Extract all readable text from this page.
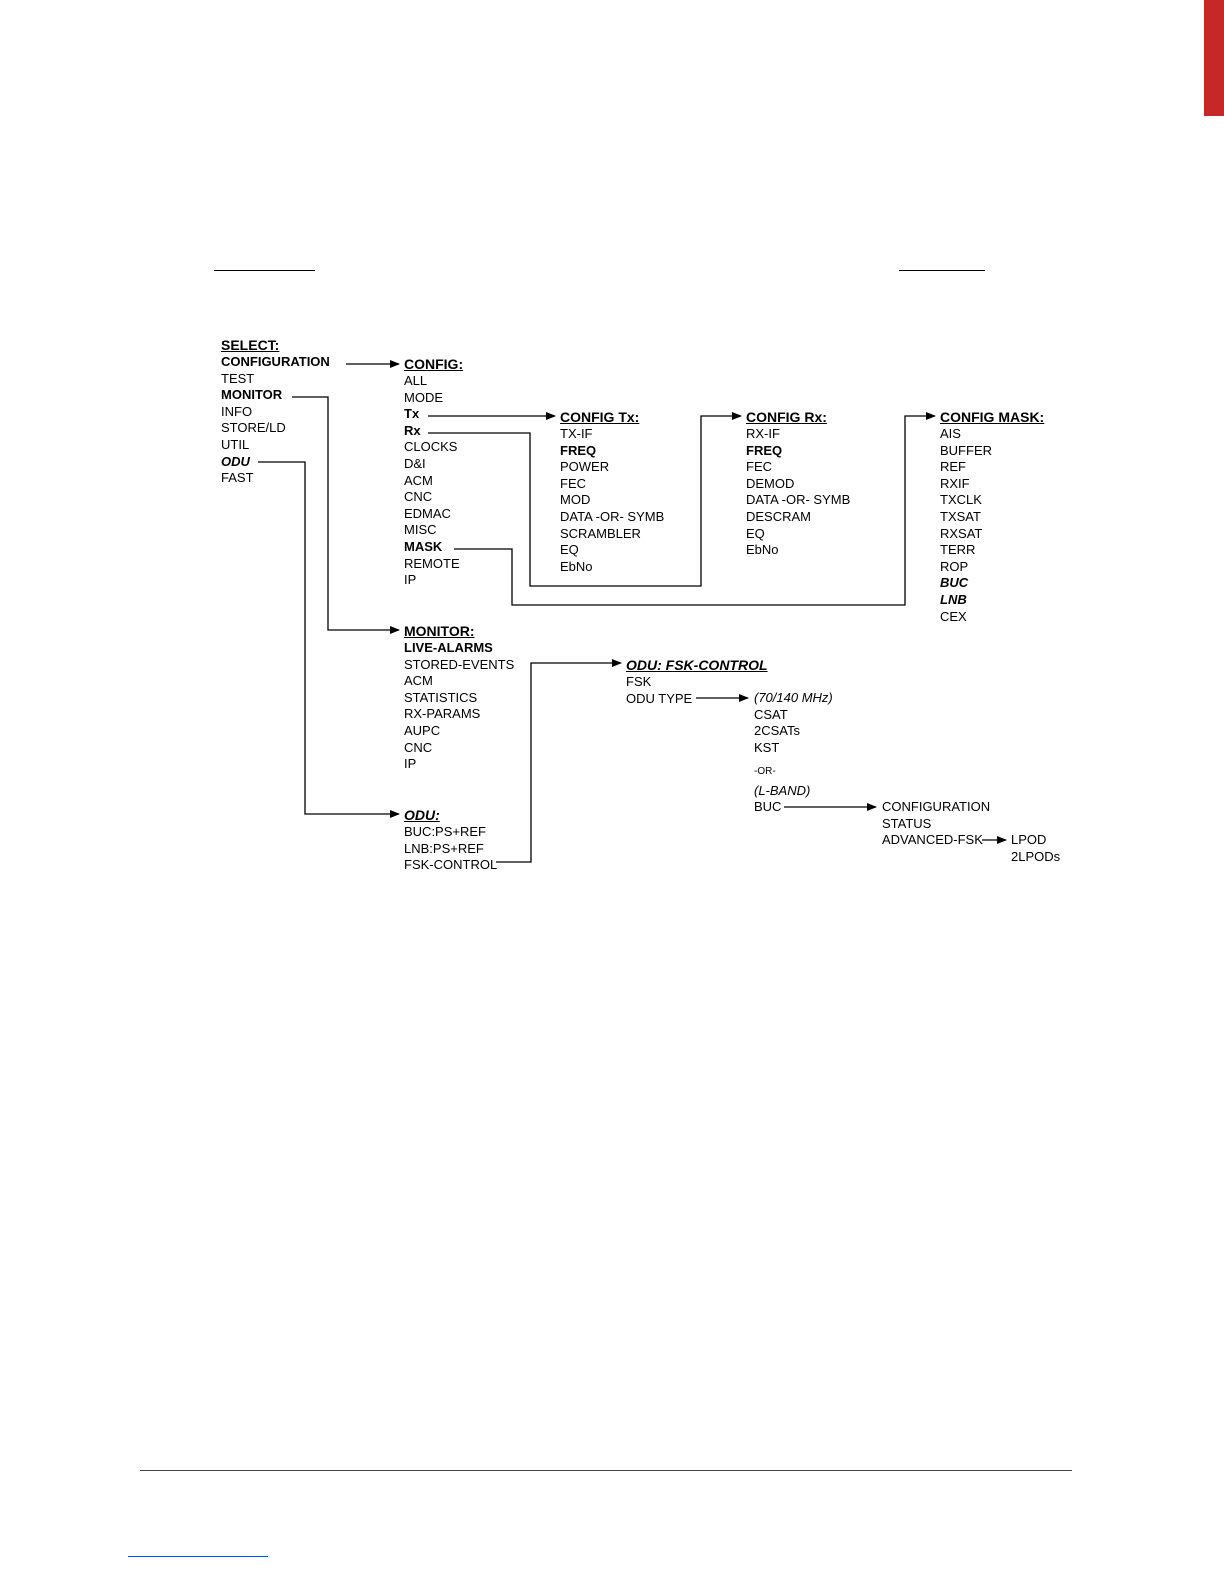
SELECT:
CONFIGURATION
TEST
MONITOR
INFO
STORE/LD
UTIL
ODU
FAST
CONFIG:
ALL
MODE
Tx
Rx
CLOCKS
D&I
ACM
CNC
EDMAC
MISC
MASK
REMOTE
IP
CONFIG Tx:
TX-IF
FREQ
POWER
FEC
MOD
DATA -OR- SYMB
SCRAMBLER
EQ
EbNo
CONFIG Rx:
RX-IF
FREQ
FEC
DEMOD
DATA -OR- SYMB
DESCRAM
EQ
EbNo
CONFIG MASK:
AIS
BUFFER
REF
RXIF
TXCLK
TXSAT
RXSAT
TERR
ROP
BUC
LNB
CEX
MONITOR:
LIVE-ALARMS
STORED-EVENTS
ACM
STATISTICS
RX-PARAMS
AUPC
CNC
IP
ODU:
BUC:PS+REF
LNB:PS+REF
FSK-CONTROL
ODU: FSK-CONTROL
FSK
ODU TYPE	(70/140 MHz)
CSAT
2CSATs
KST
-OR-
(L-BAND)
BUC	CONFIGURATION
STATUS
ADVANCED-FSK	LPOD
2LPODs
